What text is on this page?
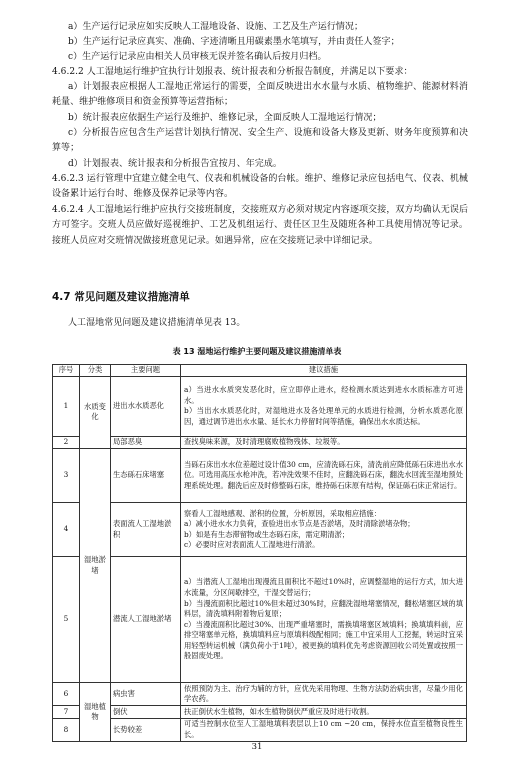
a）生产运行记录应如实反映人工湿地设备、设施、工艺及生产运行情况；
b）生产运行记录应真实、准确、字迹清晰且用碳素墨水笔填写，并由责任人签字；
c）生产运行记录应由相关人员审核无误并签名确认后按月归档。
4.6.2.2 人工湿地运行维护宜执行计划报表、统计报表和分析报告制度，并满足以下要求：
a）计划报表应根据人工湿地正常运行的需要，全面反映进出水水量与水质、植物维护、能源材料消耗量、维护维修项目和资金预算等运营指标；
b）统计报表应依据生产运行及维护、维修记录，全面反映人工湿地运行情况；
c）分析报告应包含生产运营计划执行情况、安全生产、设施和设备大修及更新、财务年度预算和决算等；
d）计划报表、统计报表和分析报告宜按月、年完成。
4.6.2.3 运行管理中宜建立健全电气、仪表和机械设备的台帐。维护、维修记录应包括电气、仪表、机械设备累计运行台时、维修及保养记录等内容。
4.6.2.4 人工湿地运行维护应执行交接班制度，交接班双方必须对规定内容逐项交接，双方均确认无误后方可签字。交班人员应做好巡视维护、工艺及机组运行、责任区卫生及随班各种工具使用情况等记录。接班人员应对交班情况做接班意见记录。如遇异常，应在交接班记录中详细记录。
4.7 常见问题及建议措施清单
人工湿地常见问题及建议措施清单见表 13。
表 13 湿地运行维护主要问题及建议措施清单表
序号	分类	主要问题	建议措施
1	水质变化	进出水水质恶化	a）当进水水质突发恶化时，应立即停止进水，经检测水质达到进水水质标准方可进水。
b）当出水水质恶化时，对湿地进水及各处理单元的水质进行检测，分析水质恶化原因，通过调节进出水水量、延长水力停留时间等措施，确保出水水质达标。

2		局部恶臭	查找臭味来源，及时清理腐败植物残体、垃圾等。
3	湿地淤堵	生态砾石床堵塞	当砾石床出水水位差超过设计值30 cm，应清洗砾石床，清洗前应降低砾石床进出水水位。可选用高压水枪冲洗，若冲洗效果不佳时，应翻洗砾石床，翻洗水回流至湿地预处理系统处理。翻洗后应及时修整砾石床，维持砾石床原有结构，保证砾石床正常运行。
4		表面流人工湿地淤积	察看人工湿地感观、淤积的位置，分析原因，采取相应措施：
a）减小进水水力负荷，查验进出水节点是否淤堵，及时清除淤堵杂物；
b）如是有生态滞留物或生态砾石床，需定期清淤；
c）必要时应对表面流人工湿地进行清淤。

5		潜流人工湿地淤堵	a）当潜流人工湿地出现漫流且面积比不超过10%时，应调整湿地的运行方式，加大进水流量，分区间歇排空，干湿交替运行；
b）当漫流面积比超过10%但未超过30%时，应翻洗湿地堵塞情况，翻松堵塞区域的填料层，清洗填料附着物后复原；
c）当漫流面积比超过30%、出现严重堵塞时，需换填堵塞区域填料；换填填料前，应排空堵塞单元格，换填填料应与原填料级配相同；施工中宜采用人工挖掘，转运时宜采用轻型转运机械（满负荷小于1吨），被更换的填料优先考虑资源回收公司处置或按照一般固废处理。

6	湿地植物	病虫害	依照预防为主、治疗为辅的方针，应优先采用物理、生物方法防治病虫害，尽量少用化学农药。
7		倒伏	扶正倒伏水生植物，如水生植物倒伏严重应及时进行收割。
8		长势较差	可适当控制水位至人工湿地填料表层以上10 cm ~20 cm，保持水位直至植物良性生长。
31
